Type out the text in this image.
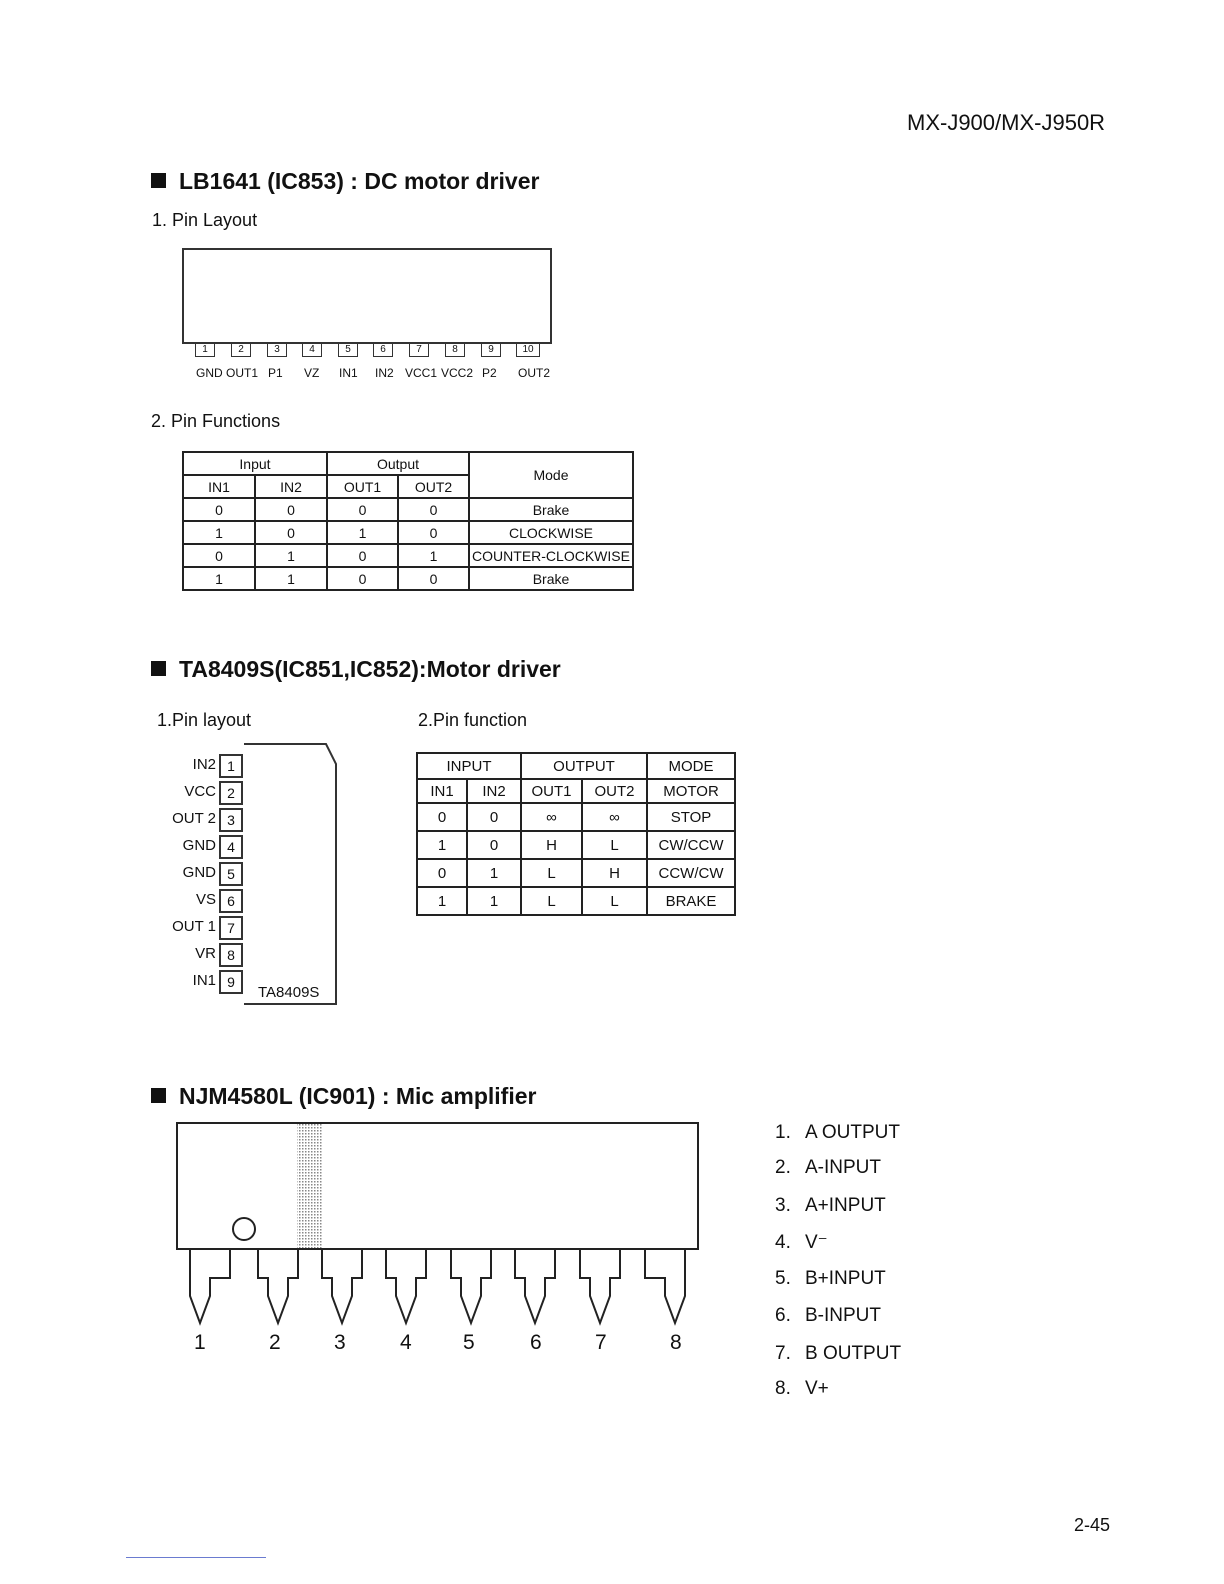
MX-J900/MX-J950R
2-45
LB1641 (IC853) : DC motor driver
1. Pin Layout
1	2	3	4	5	6	7	8	9	10
GND OUT1 P1 VZ IN1 IN2 VCC1 VCC2 P2 OUT2
2. Pin Functions
Input		Output		Mode
IN1	IN2	OUT1	OUT2	
0	0	0	0	Brake
1	0	1	0	CLOCKWISE
0	1	0	1	COUNTER-CLOCKWISE
1	1	0	0	Brake
TA8409S(IC851,IC852):Motor driver
1.Pin layout	2.Pin function
TA8409S
IN2 1
VCC 2
OUT 2 3
GND 4
GND 5
VS 6
OUT 1 7
VR 8
IN1 9
INPUT		OUTPUT		MODE
IN1	IN2	OUT1	OUT2	MOTOR
0	0	∞	∞	STOP
1	0	H	L	CW/CCW
0	1	L	H	CCW/CW
1	1	L	L	BRAKE
NJM4580L (IC901) : Mic amplifier
1	2	3	4 5	6	7	8
1. A OUTPUT
2. A-INPUT
3. A+INPUT
4. V⁻
5. B+INPUT
6. B-INPUT
7. B OUTPUT
8. V+
